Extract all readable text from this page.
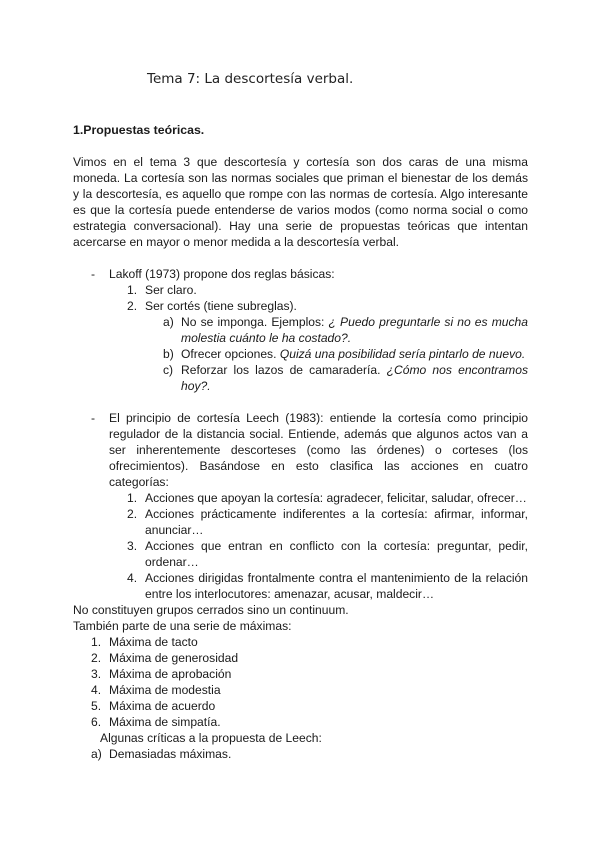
Tema 7: La descortesía verbal.
1.Propuestas teóricas.
Vimos en el tema 3 que descortesía y cortesía son dos caras de una misma
moneda. La cortesía son las normas sociales que priman el bienestar de los demás
y la descortesía, es aquello que rompe con las normas de cortesía. Algo interesante
es que la cortesía puede entenderse de varios modos (como norma social o como
estrategia conversacional). Hay una serie de propuestas teóricas que intentan
acercarse en mayor o menor medida a la descortesía verbal.
- Lakoff (1973) propone dos reglas básicas:
1. Ser claro.
2. Ser cortés (tiene subreglas).
a) No se imponga. Ejemplos: ¿ Puedo preguntarle si no es mucha
molestia cuánto le ha costado?.
b) Ofrecer opciones. Quizá una posibilidad sería pintarlo de nuevo.
c) Reforzar los lazos de camaradería. ¿Cómo nos encontramos
hoy?.
- El principio de cortesía Leech (1983): entiende la cortesía como principio
regulador de la distancia social. Entiende, además que algunos actos van a
ser inherentemente descorteses (como las órdenes) o corteses (los
ofrecimientos). Basándose en esto clasifica las acciones en cuatro
categorías:
1. Acciones que apoyan la cortesía: agradecer, felicitar, saludar, ofrecer…
2. Acciones prácticamente indiferentes a la cortesía: afirmar, informar,
anunciar…
3. Acciones que entran en conflicto con la cortesía: preguntar, pedir,
ordenar…
4. Acciones dirigidas frontalmente contra el mantenimiento de la relación
entre los interlocutores: amenazar, acusar, maldecir…
No constituyen grupos cerrados sino un continuum.
También parte de una serie de máximas:
1. Máxima de tacto
2. Máxima de generosidad
3. Máxima de aprobación
4. Máxima de modestia
5. Máxima de acuerdo
6. Máxima de simpatía.
Algunas críticas a la propuesta de Leech:
a) Demasiadas máximas.
